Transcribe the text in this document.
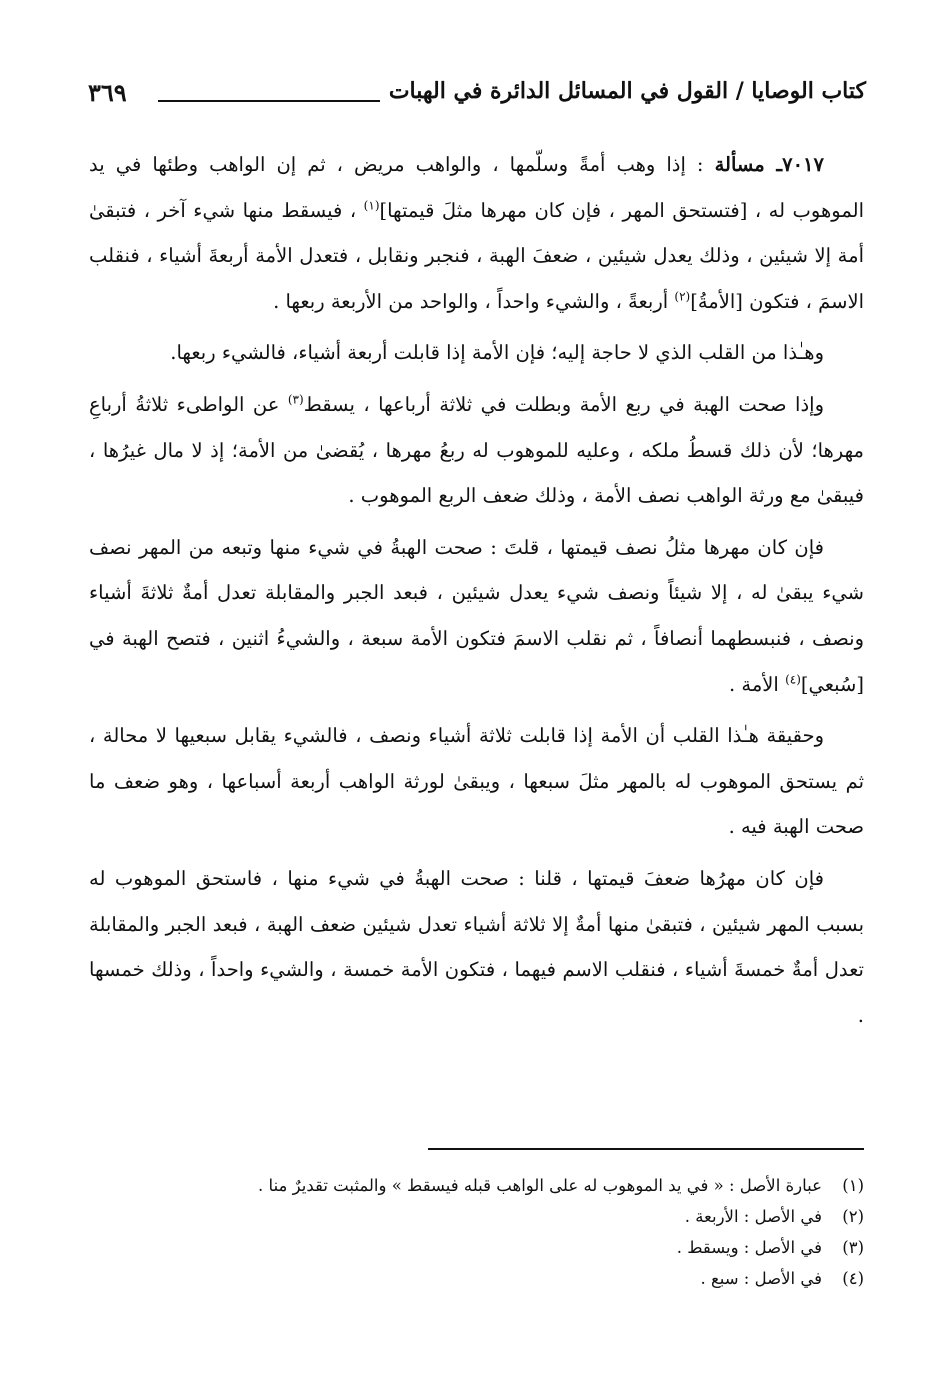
كتاب الوصايا / القول في المسائل الدائرة في الهبات
٣٦٩

٧٠١٧ـ مسألة : إذا وهب أمةً وسلّمها ، والواهب مريض ، ثم إن الواهب وطئها في يد الموهوب له ، [فتستحق المهر ، فإن كان مهرها مثلَ قيمتها]$^{(١)}$ ، فيسقط منها شيء آخر ، فتبقىٰ أمة إلا شيئين ، وذلك يعدل شيئين ، ضعفَ الهبة ، فنجبر ونقابل ، فتعدل الأمة أربعةَ أشياء ، فنقلب الاسمَ ، فتكون [الأمةُ]$^{(٢)}$ أربعةً ، والشيء واحداً ، والواحد من الأربعة ربعها .

وهـٰذا من القلب الذي لا حاجة إليه؛ فإن الأمة إذا قابلت أربعة أشياء، فالشيء ربعها.

وإذا صحت الهبة في ربع الأمة وبطلت في ثلاثة أرباعها ، يسقط$^{(٣)}$ عن الواطىء ثلاثةُ أرباعِ مهرها؛ لأن ذلك قسطُ ملكه ، وعليه للموهوب له ربعُ مهرها ، يُقضىٰ من الأمة؛ إذ لا مال غيرُها ، فيبقىٰ مع ورثة الواهب نصف الأمة ، وذلك ضعف الربع الموهوب .

فإن كان مهرها مثلُ نصف قيمتها ، قلتَ : صحت الهبةُ في شيء منها وتبعه من المهر نصف شيء يبقىٰ له ، إلا شيئاً ونصف شيء يعدل شيئين ، فبعد الجبر والمقابلة تعدل أمةٌ ثلاثةَ أشياء ونصف ، فنبسطهما أنصافاً ، ثم نقلب الاسمَ فتكون الأمة سبعة ، والشيءُ اثنين ، فتصح الهبة في [سُبعي]$^{(٤)}$ الأمة .

وحقيقة هـٰذا القلب أن الأمة إذا قابلت ثلاثة أشياء ونصف ، فالشيء يقابل سبعيها لا محالة ، ثم يستحق الموهوب له بالمهر مثلَ سبعها ، ويبقىٰ لورثة الواهب أربعة أسباعها ، وهو ضعف ما صحت الهبة فيه .

فإن كان مهرُها ضعفَ قيمتها ، قلنا : صحت الهبةُ في شيء منها ، فاستحق الموهوب له بسبب المهر شيئين ، فتبقىٰ منها أمةٌ إلا ثلاثة أشياء تعدل شيئين ضعف الهبة ، فبعد الجبر والمقابلة تعدل أمةٌ خمسةَ أشياء ، فنقلب الاسم فيهما ، فتكون الأمة خمسة ، والشيء واحداً ، وذلك خمسها .

(١)عبارة الأصل : « في يد الموهوب له على الواهب قبله فيسقط » والمثبت تقديرٌ منا .
(٢)في الأصل : الأربعة .
(٣)في الأصل : ويسقط .
(٤)في الأصل : سبع .
